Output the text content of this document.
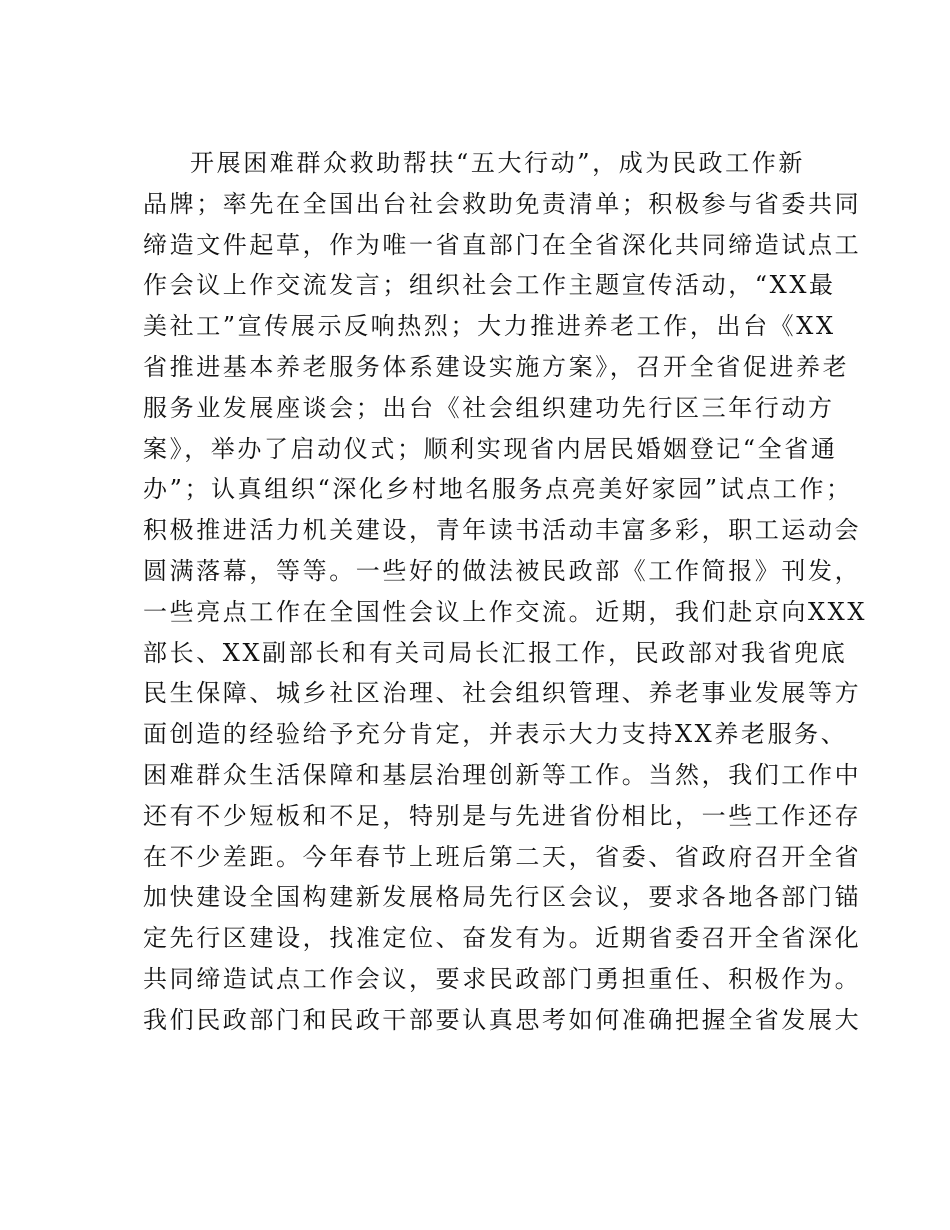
开展困难群众救助帮扶“五大行动”，成为民政工作新
品牌；率先在全国出台社会救助免责清单；积极参与省委共同
缔造文件起草，作为唯一省直部门在全省深化共同缔造试点工
作会议上作交流发言；组织社会工作主题宣传活动，“XX最
美社工”宣传展示反响热烈；大力推进养老工作，出台《XX
省推进基本养老服务体系建设实施方案》，召开全省促进养老
服务业发展座谈会；出台《社会组织建功先行区三年行动方
案》，举办了启动仪式；顺利实现省内居民婚姻登记“全省通
办”；认真组织“深化乡村地名服务点亮美好家园”试点工作；
积极推进活力机关建设，青年读书活动丰富多彩，职工运动会
圆满落幕，等等。一些好的做法被民政部《工作简报》刊发，
一些亮点工作在全国性会议上作交流。近期，我们赴京向XXX
部长、XX副部长和有关司局长汇报工作，民政部对我省兜底
民生保障、城乡社区治理、社会组织管理、养老事业发展等方
面创造的经验给予充分肯定，并表示大力支持XX养老服务、
困难群众生活保障和基层治理创新等工作。当然，我们工作中
还有不少短板和不足，特别是与先进省份相比，一些工作还存
在不少差距。今年春节上班后第二天，省委、省政府召开全省
加快建设全国构建新发展格局先行区会议，要求各地各部门锚
定先行区建设，找准定位、奋发有为。近期省委召开全省深化
共同缔造试点工作会议，要求民政部门勇担重任、积极作为。
我们民政部门和民政干部要认真思考如何准确把握全省发展大
